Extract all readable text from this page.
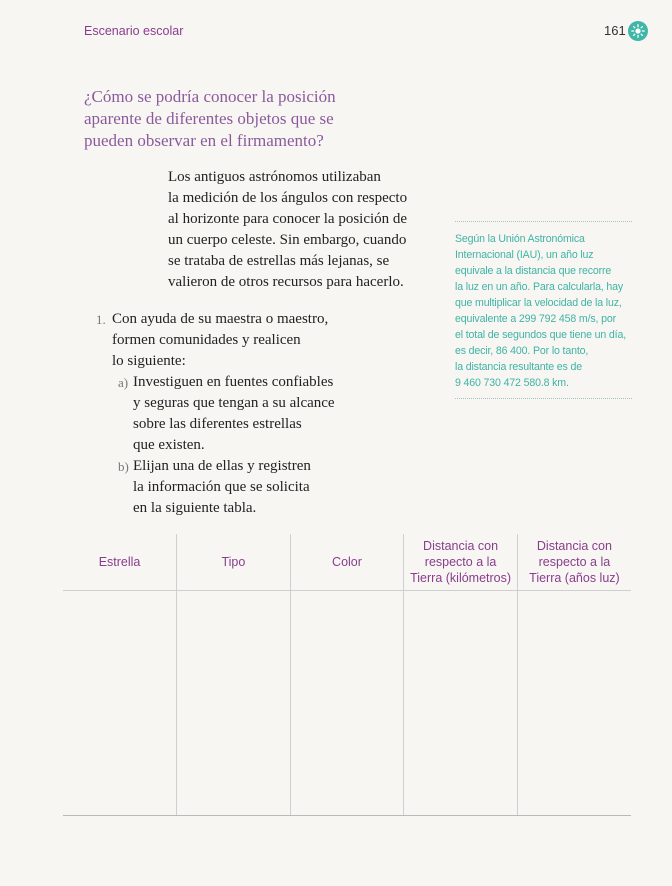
Escenario escolar	161
¿Cómo se podría conocer la posición aparente de diferentes objetos que se pueden observar en el firmamento?
Los antiguos astrónomos utilizaban
la medición de los ángulos con respecto
al horizonte para conocer la posición de
un cuerpo celeste. Sin embargo, cuando
se trataba de estrellas más lejanas, se
valieron de otros recursos para hacerlo.
Según la Unión Astronómica
Internacional (IAU), un año luz
equivale a la distancia que recorre
la luz en un año. Para calcularla, hay
que multiplicar la velocidad de la luz,
equivalente a 299 792 458 m/s, por
el total de segundos que tiene un día,
es decir, 86 400. Por lo tanto,
la distancia resultante es de
9 460 730 472 580.8 km.
1. Con ayuda de su maestra o maestro,
formen comunidades y realicen
lo siguiente:
a) Investiguen en fuentes confiables
y seguras que tengan a su alcance
sobre las diferentes estrellas
que existen.
b) Elijan una de ellas y registren
la información que se solicita
en la siguiente tabla.
Estrella	Tipo	Color	Distancia con respecto a la Tierra (kilómetros)	Distancia con respecto a la Tierra (años luz)
